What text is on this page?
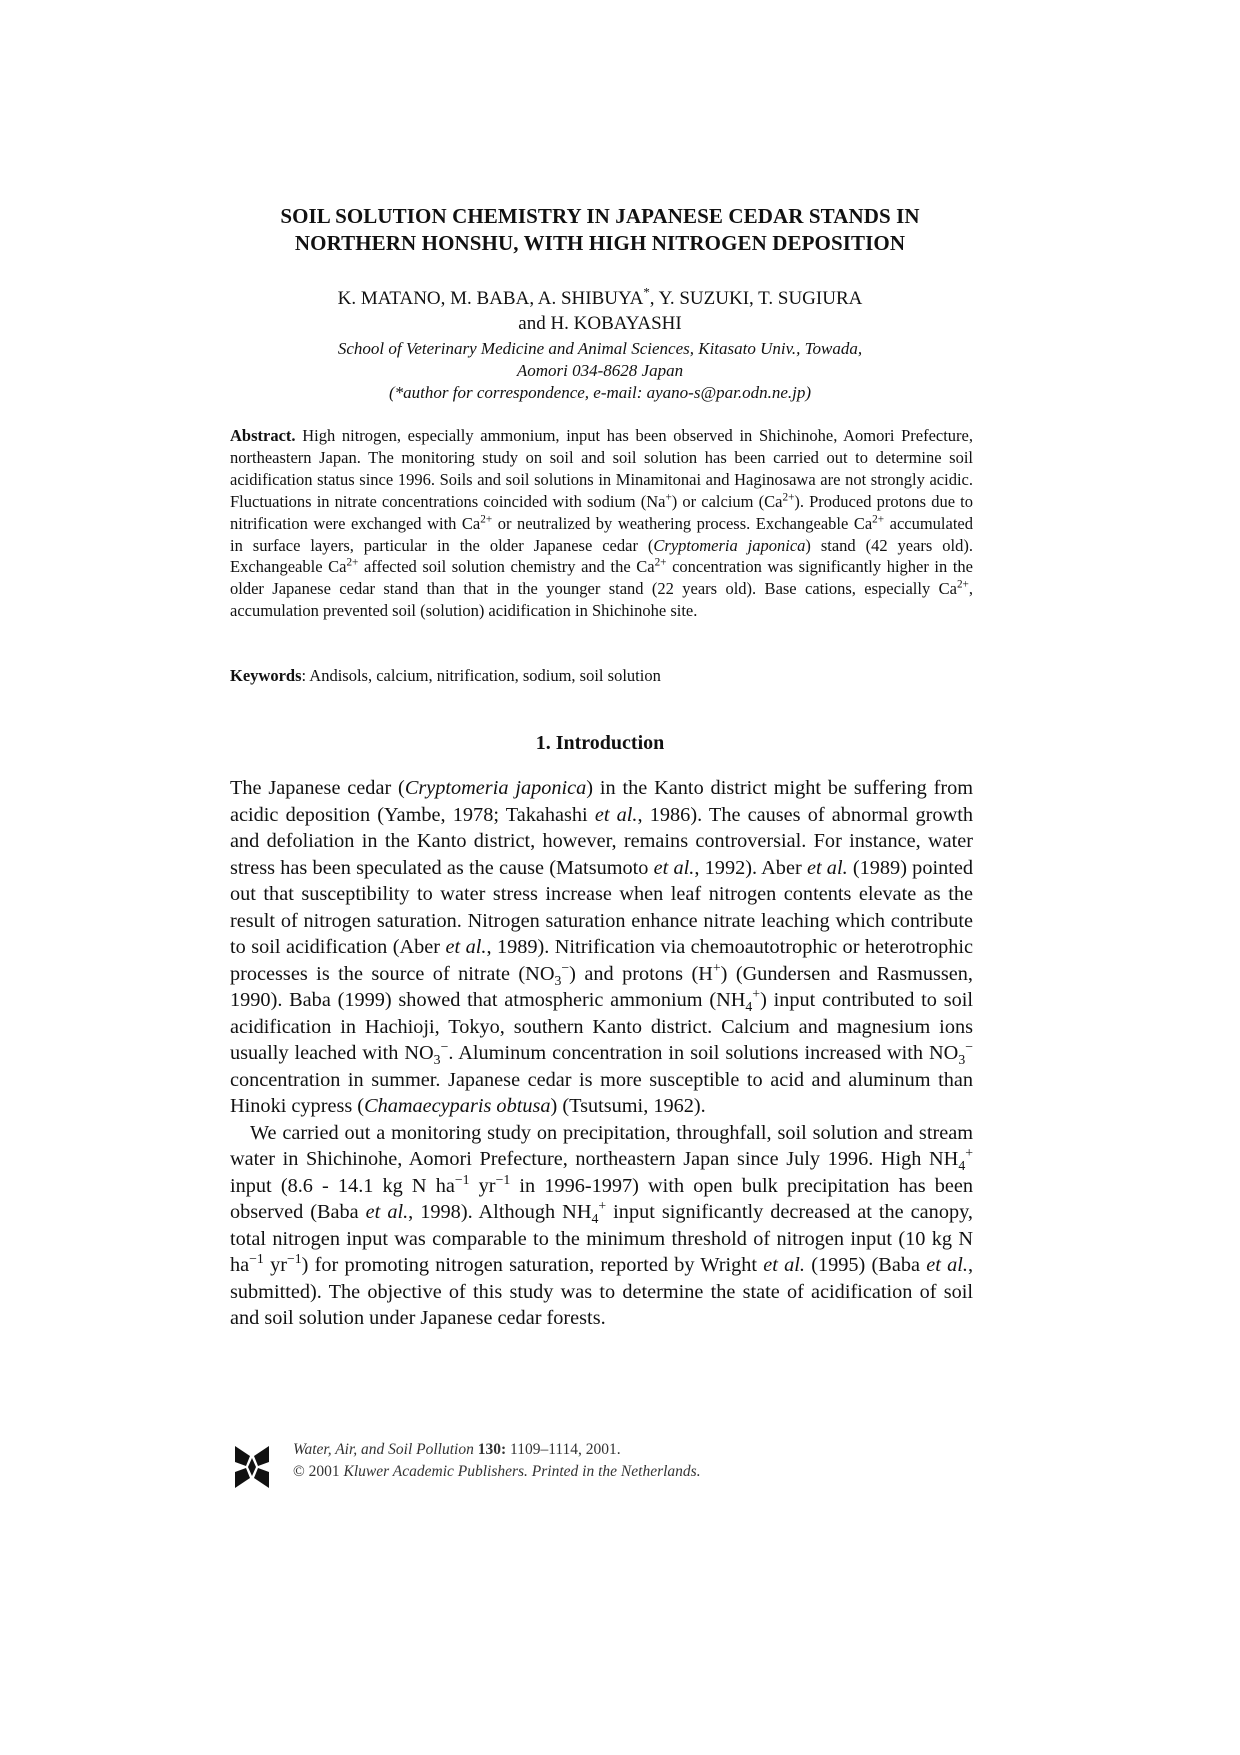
SOIL SOLUTION CHEMISTRY IN JAPANESE CEDAR STANDS IN
NORTHERN HONSHU, WITH HIGH NITROGEN DEPOSITION
K. MATANO, M. BABA, A. SHIBUYA*, Y. SUZUKI, T. SUGIURA
and H. KOBAYASHI
School of Veterinary Medicine and Animal Sciences, Kitasato Univ., Towada,
Aomori 034-8628 Japan
(*author for correspondence, e-mail: ayano-s@par.odn.ne.jp)

Abstract. High nitrogen, especially ammonium, input has been observed in Shichinohe, Aomori Prefecture, northeastern Japan. The monitoring study on soil and soil solution has been carried out to determine soil acidification status since 1996. Soils and soil solutions in Minamitonai and Haginosawa are not strongly acidic. Fluctuations in nitrate concentrations coincided with sodium (Na+) or calcium $(Ca^{2+})$. Produced protons due to nitrification were exchanged with $Ca^{2+}$ or neutralized by weathering process. Exchangeable $Ca^{2+}$ accumulated in surface layers, particular in the older Japanese cedar (Cryptomeria japonica) stand (42 years old). Exchangeable $Ca^{2+}$ affected soil solution chemistry and the $Ca^{2+}$ concentration was significantly higher in the older Japanese cedar stand than that in the younger stand (22 years old). Base cations, especially $Ca^{2+}$, accumulation prevented soil (solution) acidification in Shichinohe site.

Keywords: Andisols, calcium, nitrification, sodium, soil solution

1. Introduction

The Japanese cedar (Cryptomeria japonica) in the Kanto district might be suffering from acidic deposition (Yambe, 1978; Takahashi et al., 1986). The causes of abnormal growth and defoliation in the Kanto district, however, remains controversial. For instance, water stress has been speculated as the cause (Matsumoto et al., 1992). Aber et al. (1989) pointed out that susceptibility to water stress increase when leaf nitrogen contents elevate as the result of nitrogen saturation. Nitrogen saturation enhance nitrate leaching which contribute to soil acidification (Aber et al., 1989). Nitrification via chemoautotrophic or heterotrophic processes is the source of nitrate $(NO_3^-)$ and protons (H+) (Gundersen and Rasmussen, 1990). Baba (1999) showed that atmospheric ammonium $(NH_4^+)$ input contributed to soil acidification in Hachioji, Tokyo, southern Kanto district. Calcium and magnesium ions usually leached with $NO_3^-$. Aluminum concentration in soil solutions increased with $NO_3^-$ concentration in summer. Japanese cedar is more susceptible to acid and aluminum than Hinoki cypress (Chamaecyparis obtusa) (Tsutsumi, 1962).

We carried out a monitoring study on precipitation, throughfall, soil solution and stream water in Shichinohe, Aomori Prefecture, northeastern Japan since July 1996. High $NH_4^+$ input (8.6 - 14.1 kg N $ha^{-1}$ $yr^{-1}$ in 1996-1997) with open bulk precipitation has been observed (Baba et al., 1998). Although $NH_4^+$ input significantly decreased at the canopy, total nitrogen input was comparable to the minimum threshold of nitrogen input (10 kg N $ha^{-1}$ $yr^{-1}$) for promoting nitrogen saturation, reported by Wright et al. (1995) (Baba et al., submitted). The objective of this study was to determine the state of acidification of soil and soil solution under Japanese cedar forests.

Water, Air, and Soil Pollution 130: 1109–1114, 2001.
© 2001 Kluwer Academic Publishers. Printed in the Netherlands.
